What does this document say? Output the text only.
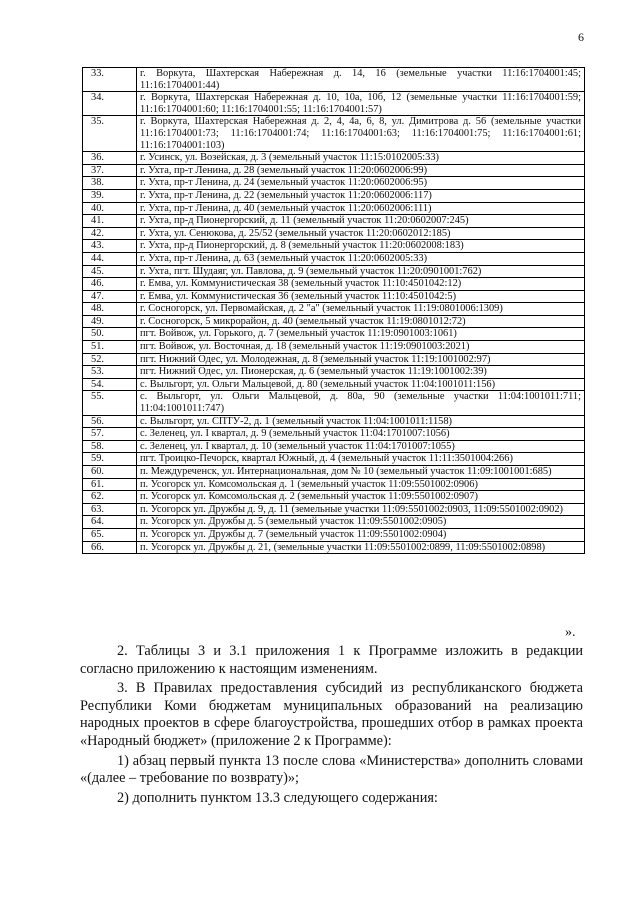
6
33.	г. Воркута, Шахтерская Набережная д. 14, 16 (земельные участки 11:16:1704001:45; 11:16:1704001:44)
34.	г. Воркута, Шахтерская Набережная д. 10, 10а, 10б, 12 (земельные участки 11:16:1704001:59; 11:16:1704001:60; 11:16:1704001:55; 11:16:1704001:57)
35.	г. Воркута, Шахтерская Набережная д. 2, 4, 4а, 6, 8, ул. Димитрова д. 56 (земельные участки 11:16:1704001:73; 11:16:1704001:74; 11:16:1704001:63; 11:16:1704001:75; 11:16:1704001:61; 11:16:1704001:103)
36.	г. Усинск, ул. Возейская, д. 3 (земельный участок 11:15:0102005:33)
37.	г. Ухта, пр-т Ленина, д. 28 (земельный участок 11:20:0602006:99)
38.	г. Ухта, пр-т Ленина, д. 24 (земельный участок 11:20:0602006:95)
39.	г. Ухта, пр-т Ленина, д. 22 (земельный участок 11:20:0602006:117)
40.	г. Ухта, пр-т Ленина, д. 40 (земельный участок 11:20:0602006:111)
41.	г. Ухта, пр-д Пионергорский, д. 11 (земельный участок 11:20:0602007:245)
42.	г. Ухта, ул. Сенюкова, д. 25/52 (земельный участок 11:20:0602012:185)
43.	г. Ухта, пр-д Пионергорский, д. 8 (земельный участок 11:20:0602008:183)
44.	г. Ухта, пр-т Ленина, д. 63 (земельный участок 11:20:0602005:33)
45.	г. Ухта, пгт. Шудаяг, ул. Павлова, д. 9 (земельный участок 11:20:0901001:762)
46.	г. Емва, ул. Коммунистическая 38 (земельный участок 11:10:4501042:12)
47.	г. Емва, ул. Коммунистическая 36 (земельный участок 11:10:4501042:5)
48.	г. Сосногорск, ул. Первомайская, д. 2 "а" (земельный участок 11:19:0801006:1309)
49.	г. Сосногорск, 5 микрорайон, д. 40 (земельный участок 11:19:0801012:72)
50.	пгт. Войвож, ул. Горького, д. 7 (земельный участок 11:19:0901003:1061)
51.	пгт. Войвож, ул. Восточная, д. 18 (земельный участок 11:19:0901003:2021)
52.	пгт. Нижний Одес, ул. Молодежная, д. 8 (земельный участок 11:19:1001002:97)
53.	пгт. Нижний Одес, ул. Пионерская, д. 6 (земельный участок 11:19:1001002:39)
54.	с. Выльгорт, ул. Ольги Мальцевой, д. 80 (земельный участок 11:04:1001011:156)
55.	с. Выльгорт, ул. Ольги Мальцевой, д. 80а, 90 (земельные участки 11:04:1001011:711; 11:04:1001011:747)
56.	с. Выльгорт, ул. СПТУ-2, д. 1 (земельный участок 11:04:1001011:1158)
57.	с. Зеленец, ул. I квартал, д. 9 (земельный участок 11:04:1701007:1056)
58.	с. Зеленец, ул. I квартал, д. 10 (земельный участок 11:04:1701007:1055)
59.	пгт. Троицко-Печорск, квартал Южный, д. 4 (земельный участок 11:11:3501004:266)
60.	п. Междуреченск, ул. Интернациональная, дом № 10 (земельный участок 11:09:1001001:685)
61.	п. Усогорск ул. Комсомольская д. 1 (земельный участок 11:09:5501002:0906)
62.	п. Усогорск ул. Комсомольская д. 2 (земельный участок 11:09:5501002:0907)
63.	п. Усогорск ул. Дружбы д. 9, д. 11 (земельные участки 11:09:5501002:0903, 11:09:5501002:0902)
64.	п. Усогорск ул. Дружбы д. 5 (земельный участок 11:09:5501002:0905)
65.	п. Усогорск ул. Дружбы д. 7 (земельный участок 11:09:5501002:0904)
66.	п. Усогорск ул. Дружбы д. 21, (земельные участки 11:09:5501002:0899, 11:09:5501002:0898)
».

2. Таблицы 3 и 3.1 приложения 1 к Программе изложить в редакции согласно приложению к настоящим изменениям.

3. В Правилах предоставления субсидий из республиканского бюджета Республики Коми бюджетам муниципальных образований на реализацию народных проектов в сфере благоустройства, прошедших отбор в рамках проекта «Народный бюджет» (приложение 2 к Программе):

1) абзац первый пункта 13 после слова «Министерства» дополнить словами «(далее – требование по возврату)»;

2) дополнить пунктом 13.3 следующего содержания:
